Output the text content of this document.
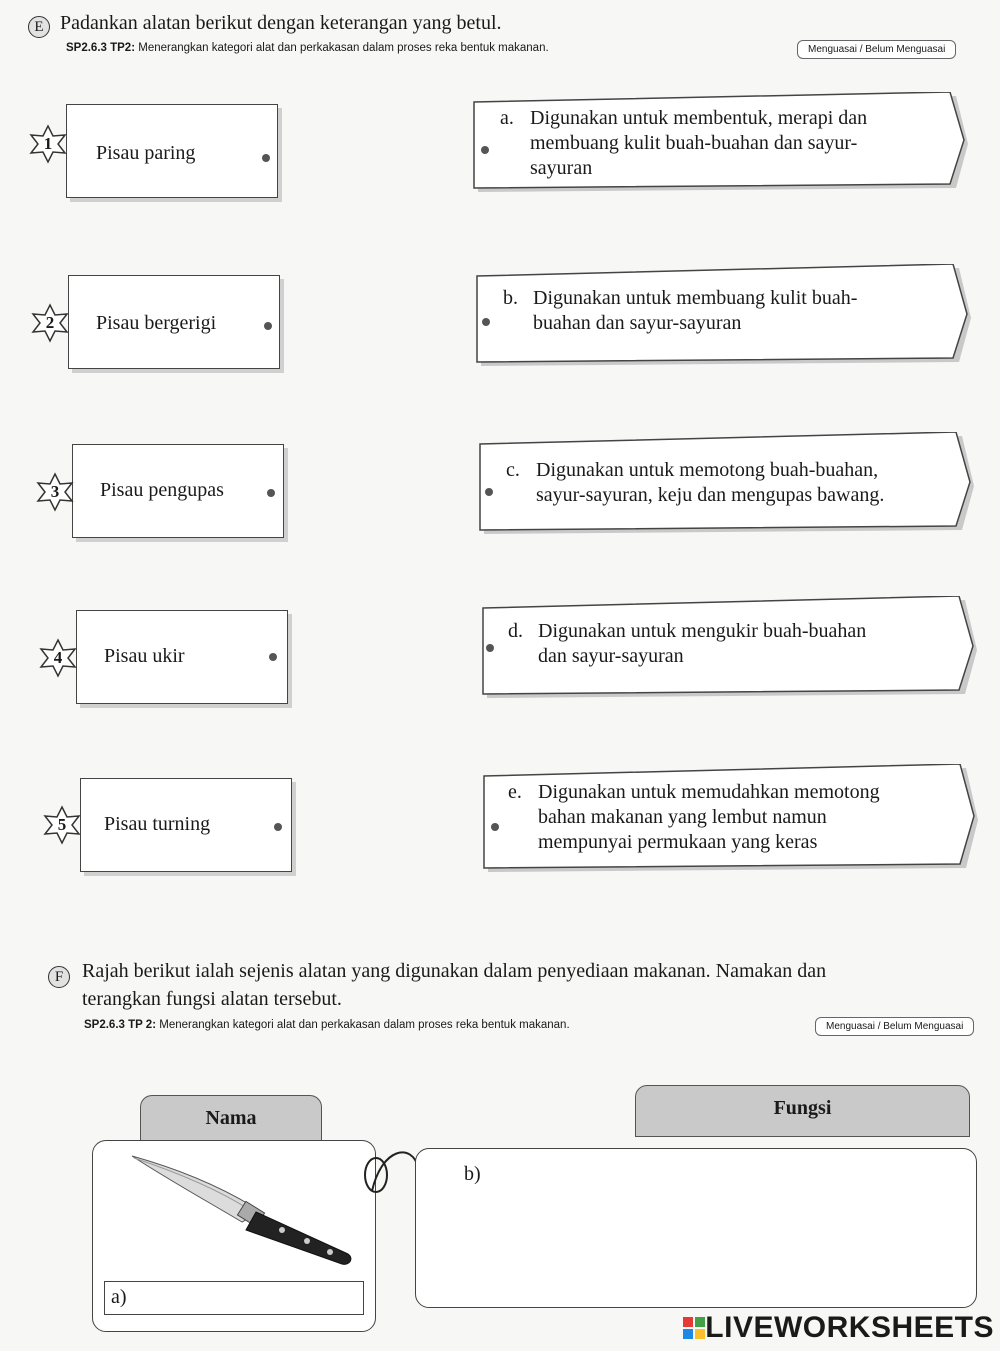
E Padankan alatan berikut dengan keterangan yang betul.
SP2.6.3 TP2: Menerangkan kategori alat dan perkakasan dalam proses reka bentuk makanan.	Menguasai / Belum Menguasai
1	Pisau paring
2	Pisau bergerigi
3	Pisau pengupas
4	Pisau ukir
5	Pisau turning
a. Digunakan untuk membentuk, merapi dan
membuang kulit buah-buahan dan sayur-
sayuran
b. Digunakan untuk membuang kulit buah-
buahan dan sayur-sayuran
c. Digunakan untuk memotong buah-buahan,
sayur-sayuran, keju dan mengupas bawang.
d. Digunakan untuk mengukir buah-buahan
dan sayur-sayuran
e. Digunakan untuk memudahkan memotong
bahan makanan yang lembut namun
mempunyai permukaan yang keras
F Rajah berikut ialah sejenis alatan yang digunakan dalam penyediaan makanan. Namakan dan
terangkan fungsi alatan tersebut.
SP2.6.3 TP 2: Menerangkan kategori alat dan perkakasan dalam proses reka bentuk makanan.	Menguasai / Belum Menguasai
Nama	Fungsi
a)
b)
LIVEWORKSHEETS
